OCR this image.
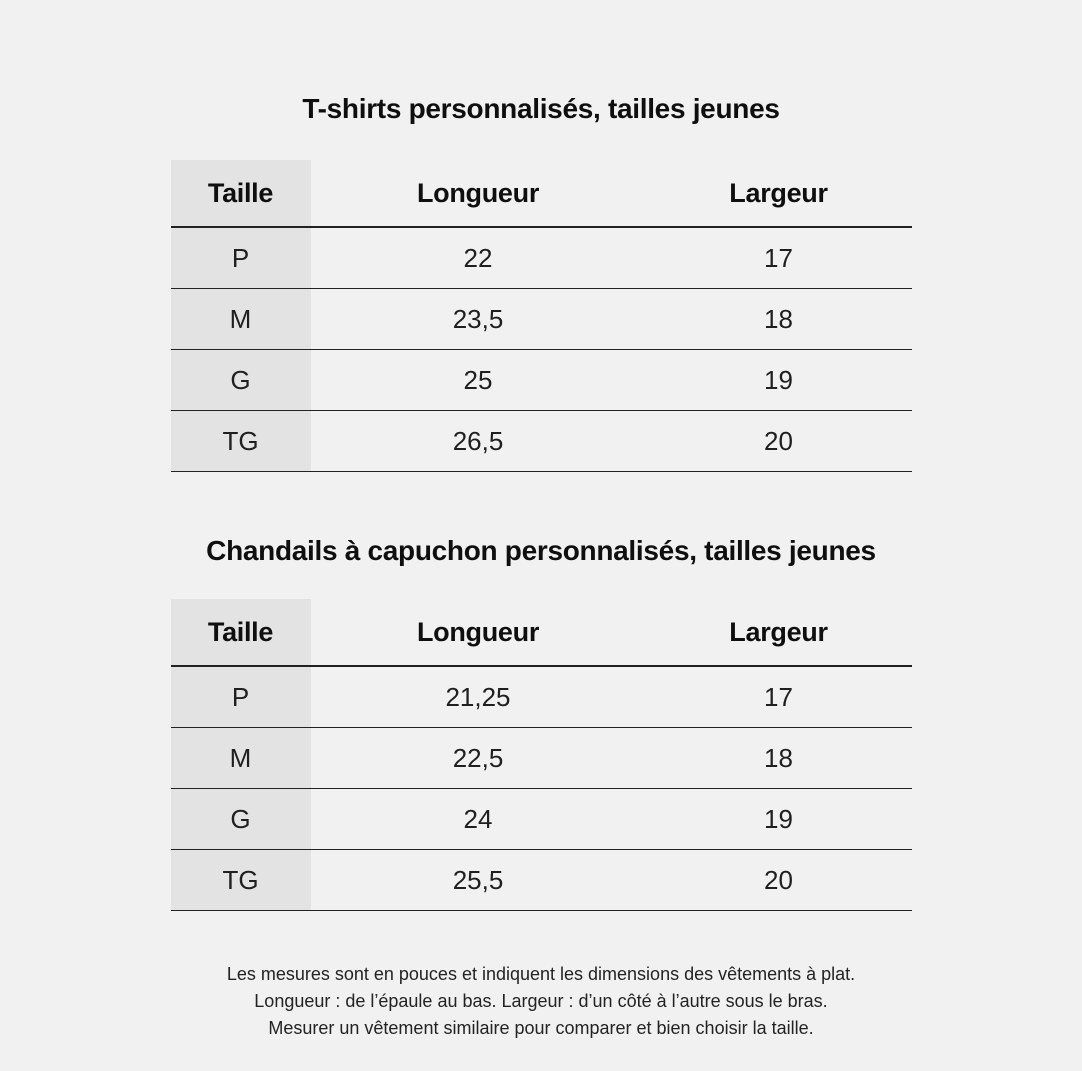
T-shirts personnalisés, tailles jeunes
Taille	Longueur	Largeur
P	22	17
M	23,5	18
G	25	19
TG	26,5	20
Chandails à capuchon personnalisés, tailles jeunes
Taille	Longueur	Largeur
P	21,25	17
M	22,5	18
G	24	19
TG	25,5	20

Les mesures sont en pouces et indiquent les dimensions des vêtements à plat.

Longueur : de l’épaule au bas. Largeur : d’un côté à l’autre sous le bras.

Mesurer un vêtement similaire pour comparer et bien choisir la taille.
